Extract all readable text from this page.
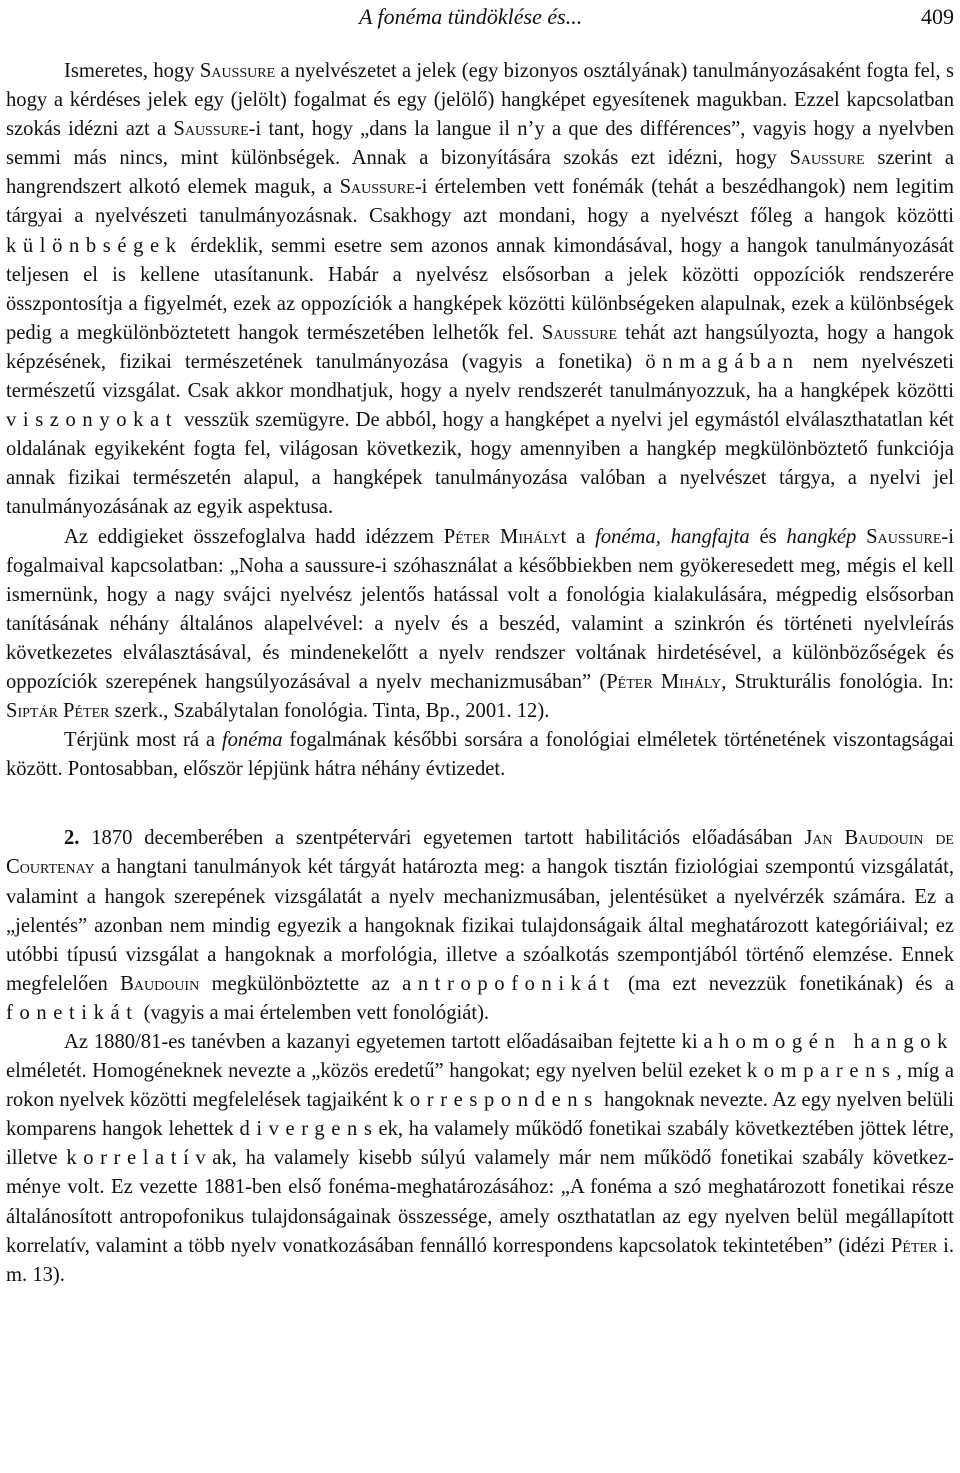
A fonéma tündöklése és...	409

Ismeretes, hogy Saussure a nyelvészetet a jelek (egy bizonyos osztályának) tanulmányozásaként fogta fel, s hogy a kérdéses jelek egy (jelölt) fogalmat és egy (jelölő) hangképet egyesítenek magukban. Ezzel kapcsolatban szokás idézni azt a Saussure-i tant, hogy „dans la langue il n’y a que des différences”, vagyis hogy a nyelvben semmi más nincs, mint különbségek. Annak a bizonyítására szokás ezt idézni, hogy Saussure szerint a hangrendszert alkotó elemek maguk, a Saussure-i értelemben vett fonémák (tehát a beszédhangok) nem legitim tárgyai a nyelvészeti tanulmányozásnak. Csakhogy azt mondani, hogy a nyelvészt főleg a hangok közötti különbségek érdeklik, semmi esetre sem azonos annak kimondásával, hogy a hangok tanulmányozását teljesen el is kellene utasítanunk. Habár a nyelvész elsősorban a jelek közötti oppozíciók rendszerére összpontosítja a figyelmét, ezek az oppozíciók a hangképek közötti különbségeken alapulnak, ezek a különbségek pedig a megkülönböztetett hangok természetében lelhetők fel. Saussure tehát azt hangsúlyozta, hogy a hangok képzésének, fizikai természetének tanulmányozása (vagyis a fonetika) önmagában nem nyelvészeti természetű vizsgálat. Csak akkor mondhatjuk, hogy a nyelv rendszerét tanulmányozzuk, ha a hangképek közötti viszonyokat vesszük szemügyre. De abból, hogy a hangképet a nyelvi jel egymástól elválaszthatatlan két oldalának egyikeként fogta fel, világosan következik, hogy amennyiben a hangkép megkülönböztető funkciója annak fizikai természetén alapul, a hangképek tanulmányozása valóban a nyelvészet tárgya, a nyelvi jel tanulmányozásának az egyik aspektusa.

Az eddigieket összefoglalva hadd idézzem Péter Mihályt a fonéma, hangfajta és hangkép Saussure-i fogalmaival kapcsolatban: „Noha a saussure-i szóhasználat a későbbiekben nem gyökeresedett meg, mégis el kell ismernünk, hogy a nagy svájci nyelvész jelentős hatással volt a fonológia kialakulására, mégpedig elsősorban tanításának néhány általános alapelvével: a nyelv és a beszéd, valamint a szinkrón és történeti nyelvleírás következetes elválasztásával, és mindenekelőtt a nyelv rendszer voltának hirdetésével, a különbözőségek és oppozíciók szerepének hangsúlyozásával a nyelv mechanizmusában” (Péter Mihály, Strukturális fonológia. In: Siptár Péter szerk., Szabálytalan fonológia. Tinta, Bp., 2001. 12).

Térjünk most rá a fonéma fogalmának későbbi sorsára a fonológiai elméletek történetének viszontagságai között. Pontosabban, először lépjünk hátra néhány évtizedet.

2. 1870 decemberében a szentpétervári egyetemen tartott habilitációs előadásában Jan Baudouin de Courtenay a hangtani tanulmányok két tárgyát határozta meg: a hangok tisztán fiziológiai szempontú vizsgálatát, valamint a hangok szerepének vizsgálatát a nyelv mechanizmusában, jelentésüket a nyelvérzék számára. Ez a „jelentés” azonban nem mindig egyezik a hangoknak fizikai tulajdonságaik által meghatározott kategóriáival; ez utóbbi típusú vizsgálat a hangoknak a morfológia, illetve a szóalkotás szempontjából történő elemzése. Ennek megfelelően Baudouin megkülönböztette az antropofonikát (ma ezt nevezzük fonetikának) és a fonetikát (vagyis a mai értelemben vett fonológiát).

Az 1880/81-es tanévben a kazanyi egyetemen tartott előadásaiban fejtette ki a homogén hangok elméletét. Homogéneknek nevezte a „közös eredetű” hangokat; egy nyelven belül ezeket komparens, míg a rokon nyelvek közötti megfelelések tagjaiként korrespondens hangoknak nevezte. Az egy nyelven belüli komparens hangok lehettek divergensek, ha valamely működő fonetikai szabály következtében jöttek létre, illetve korrelatívak, ha valamely kisebb súlyú valamely már nem működő fonetikai szabály következménye volt. Ez vezette 1881-ben első fonéma-meghatározásához: „A fonéma a szó meghatározott fonetikai része általánosított antropofonikus tulajdonságainak összessége, amely oszthatatlan az egy nyelven belül megállapított korrelatív, valamint a több nyelv vonatkozásában fennálló korrespondens kapcsolatok tekintetében” (idézi Péter i. m. 13).
